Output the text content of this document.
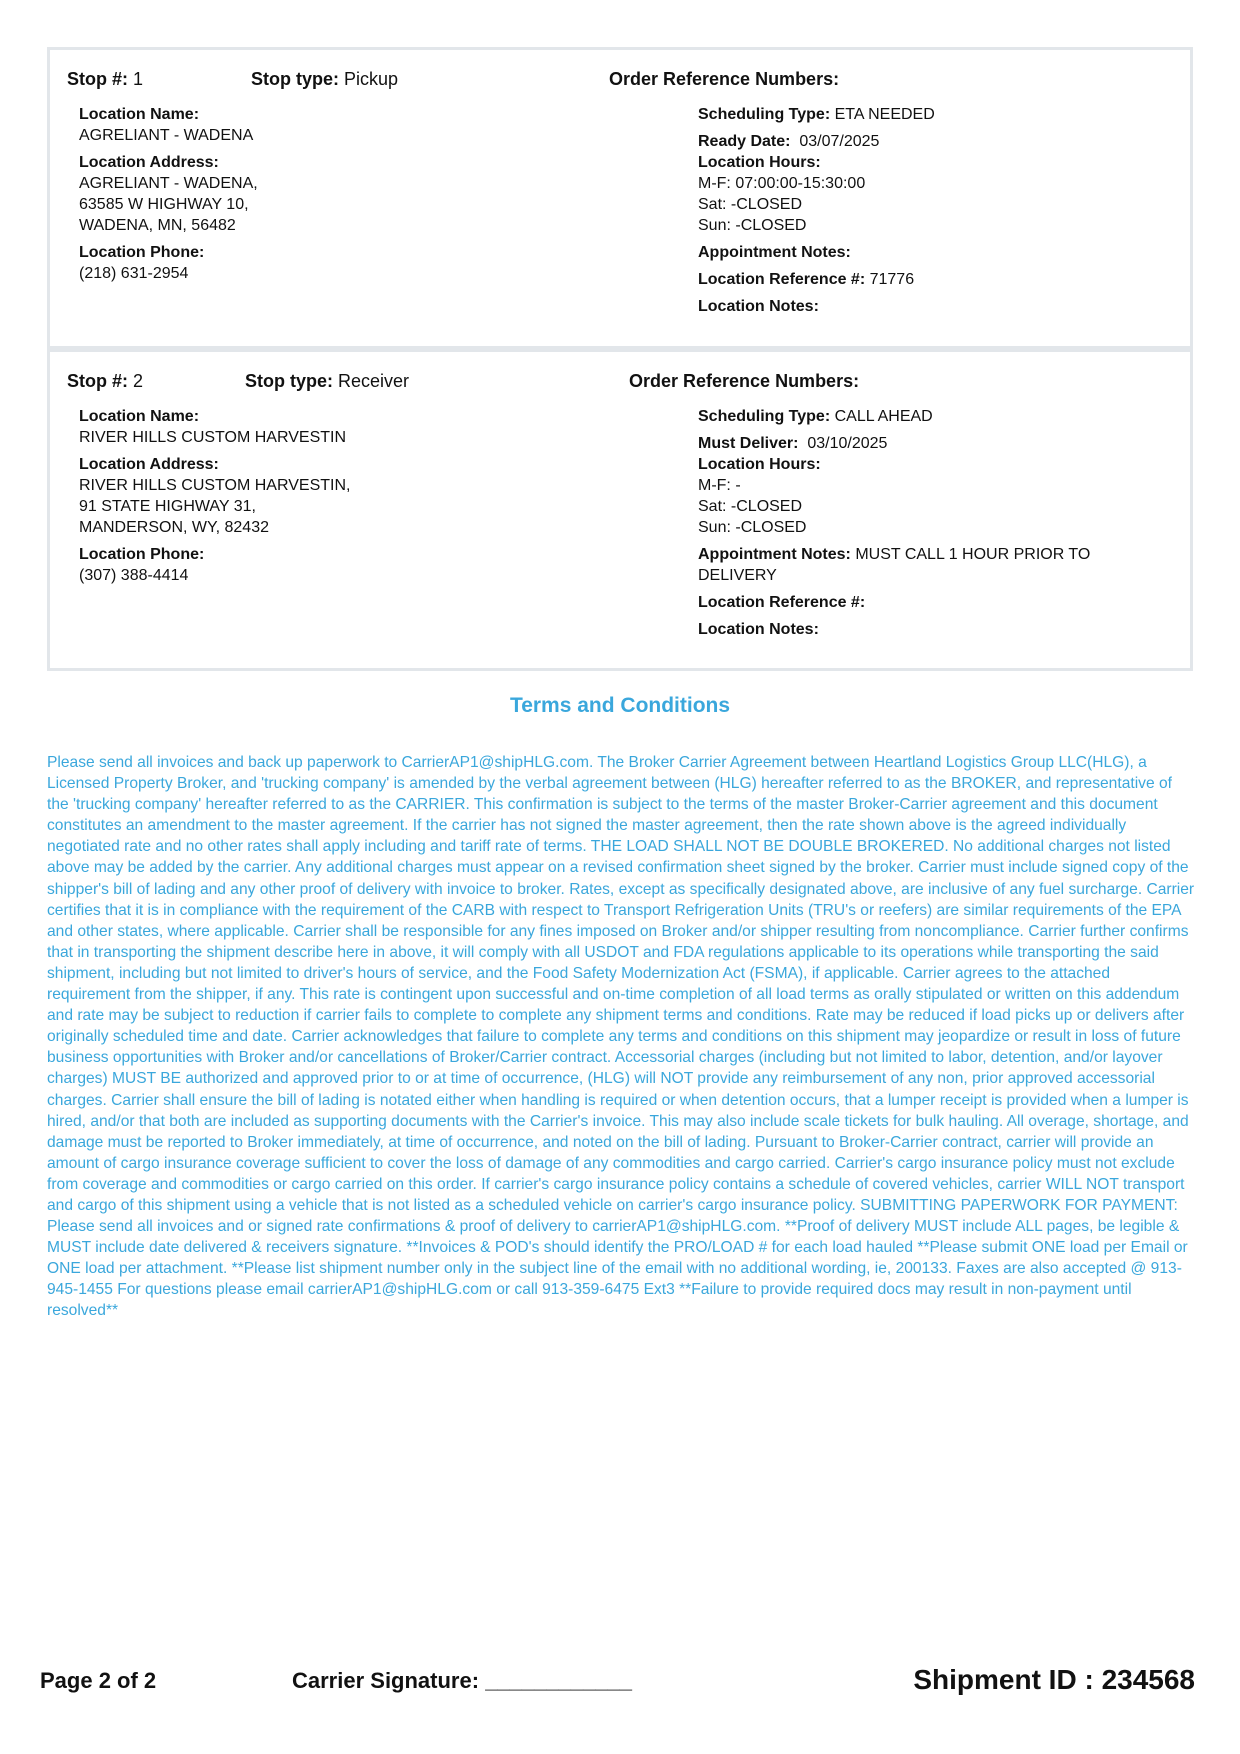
Stop #: 1	Stop type: Pickup	Order Reference Numbers:
Location Name:
AGRELIANT - WADENA
Location Address:
AGRELIANT - WADENA,
63585 W HIGHWAY 10,
WADENA, MN, 56482
Location Phone:
(218) 631-2954
Scheduling Type: ETA NEEDED
Ready Date: 03/07/2025
Location Hours:
M-F: 07:00:00-15:30:00
Sat: -CLOSED
Sun: -CLOSED
Appointment Notes:
Location Reference #: 71776
Location Notes:
Stop #: 2	Stop type: Receiver	Order Reference Numbers:
Location Name:
RIVER HILLS CUSTOM HARVESTIN
Location Address:
RIVER HILLS CUSTOM HARVESTIN,
91 STATE HIGHWAY 31,
MANDERSON, WY, 82432
Location Phone:
(307) 388-4414
Scheduling Type: CALL AHEAD
Must Deliver: 03/10/2025
Location Hours:
M-F: -
Sat: -CLOSED
Sun: -CLOSED
Appointment Notes: MUST CALL 1 HOUR PRIOR TO DELIVERY
Location Reference #:
Location Notes:
Terms and Conditions

Please send all invoices and back up paperwork to CarrierAP1@shipHLG.com. The Broker Carrier Agreement between Heartland Logistics Group LLC(HLG), a Licensed Property Broker, and 'trucking company' is amended by the verbal agreement between (HLG) hereafter referred to as the BROKER, and representative of the 'trucking company' hereafter referred to as the CARRIER. This confirmation is subject to the terms of the master Broker-Carrier agreement and this document constitutes an amendment to the master agreement. If the carrier has not signed the master agreement, then the rate shown above is the agreed individually negotiated rate and no other rates shall apply including and tariff rate of terms. THE LOAD SHALL NOT BE DOUBLE BROKERED. No additional charges not listed above may be added by the carrier. Any additional charges must appear on a revised confirmation sheet signed by the broker. Carrier must include signed copy of the shipper's bill of lading and any other proof of delivery with invoice to broker. Rates, except as specifically designated above, are inclusive of any fuel surcharge. Carrier certifies that it is in compliance with the requirement of the CARB with respect to Transport Refrigeration Units (TRU's or reefers) are similar requirements of the EPA and other states, where applicable. Carrier shall be responsible for any fines imposed on Broker and/or shipper resulting from noncompliance. Carrier further confirms that in transporting the shipment describe here in above, it will comply with all USDOT and FDA regulations applicable to its operations while transporting the said shipment, including but not limited to driver's hours of service, and the Food Safety Modernization Act (FSMA), if applicable. Carrier agrees to the attached requirement from the shipper, if any. This rate is contingent upon successful and on-time completion of all load terms as orally stipulated or written on this addendum and rate may be subject to reduction if carrier fails to complete to complete any shipment terms and conditions. Rate may be reduced if load picks up or delivers after originally scheduled time and date. Carrier acknowledges that failure to complete any terms and conditions on this shipment may jeopardize or result in loss of future business opportunities with Broker and/or cancellations of Broker/Carrier contract. Accessorial charges (including but not limited to labor, detention, and/or layover charges) MUST BE authorized and approved prior to or at time of occurrence, (HLG) will NOT provide any reimbursement of any non, prior approved accessorial charges. Carrier shall ensure the bill of lading is notated either when handling is required or when detention occurs, that a lumper receipt is provided when a lumper is hired, and/or that both are included as supporting documents with the Carrier's invoice. This may also include scale tickets for bulk hauling. All overage, shortage, and damage must be reported to Broker immediately, at time of occurrence, and noted on the bill of lading. Pursuant to Broker-Carrier contract, carrier will provide an amount of cargo insurance coverage sufficient to cover the loss of damage of any commodities and cargo carried. Carrier's cargo insurance policy must not exclude from coverage and commodities or cargo carried on this order. If carrier's cargo insurance policy contains a schedule of covered vehicles, carrier WILL NOT transport and cargo of this shipment using a vehicle that is not listed as a scheduled vehicle on carrier's cargo insurance policy. SUBMITTING PAPERWORK FOR PAYMENT: Please send all invoices and or signed rate confirmations & proof of delivery to carrierAP1@shipHLG.com. **Proof of delivery MUST include ALL pages, be legible & MUST include date delivered & receivers signature. **Invoices & POD's should identify the PRO/LOAD # for each load hauled **Please submit ONE load per Email or ONE load per attachment. **Please list shipment number only in the subject line of the email with no additional wording, ie, 200133. Faxes are also accepted @ 913-945-1455 For questions please email carrierAP1@shipHLG.com or call 913-359-6475 Ext3 **Failure to provide required docs may result in non-payment until resolved**

Page 2 of 2	Carrier Signature: ____________	Shipment ID : 234568
